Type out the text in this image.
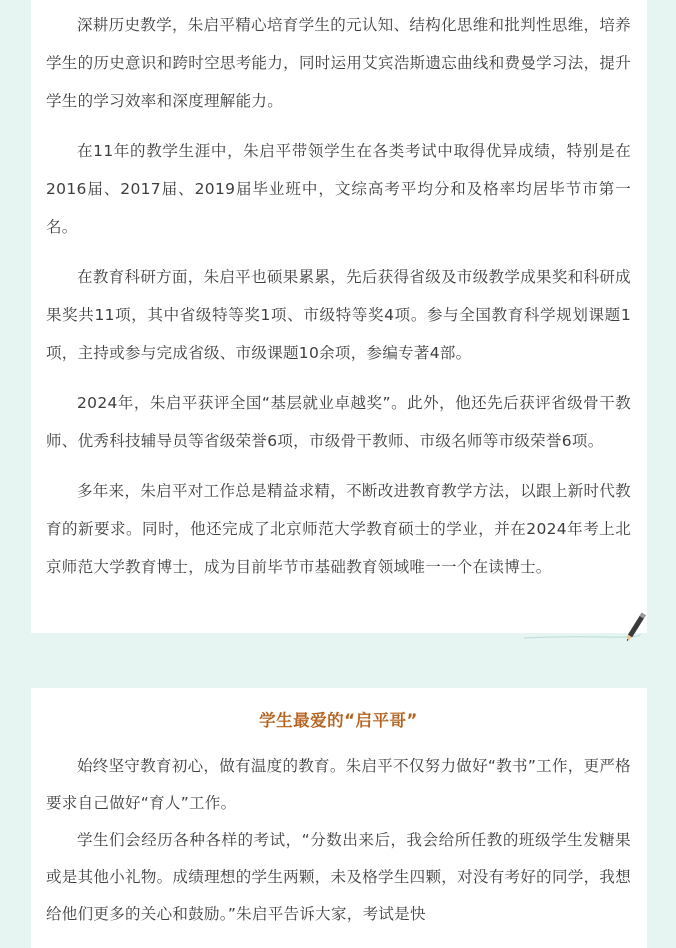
深耕历史教学，朱启平精心培育学生的元认知、结构化思维和批判性思维，培养学生的历史意识和跨时空思考能力，同时运用艾宾浩斯遗忘曲线和费曼学习法，提升学生的学习效率和深度理解能力。

在11年的教学生涯中，朱启平带领学生在各类考试中取得优异成绩，特别是在2016届、2017届、2019届毕业班中，文综高考平均分和及格率均居毕节市第一名。

在教育科研方面，朱启平也硕果累累，先后获得省级及市级教学成果奖和科研成果奖共11项，其中省级特等奖1项、市级特等奖4项。参与全国教育科学规划课题1项，主持或参与完成省级、市级课题10余项，参编专著4部。

2024年，朱启平获评全国“基层就业卓越奖”。此外，他还先后获评省级骨干教师、优秀科技辅导员等省级荣誉6项，市级骨干教师、市级名师等市级荣誉6项。

多年来，朱启平对工作总是精益求精，不断改进教育教学方法，以跟上新时代教育的新要求。同时，他还完成了北京师范大学教育硕士的学业，并在2024年考上北京师范大学教育博士，成为目前毕节市基础教育领域唯一一个在读博士。

学生最爱的“启平哥”

始终坚守教育初心，做有温度的教育。朱启平不仅努力做好“教书”工作，更严格要求自己做好“育人”工作。

学生们会经历各种各样的考试，“分数出来后，我会给所任教的班级学生发糖果或是其他小礼物。成绩理想的学生两颗，未及格学生四颗，对没有考好的同学，我想给他们更多的关心和鼓励。”朱启平告诉大家，考试是快
